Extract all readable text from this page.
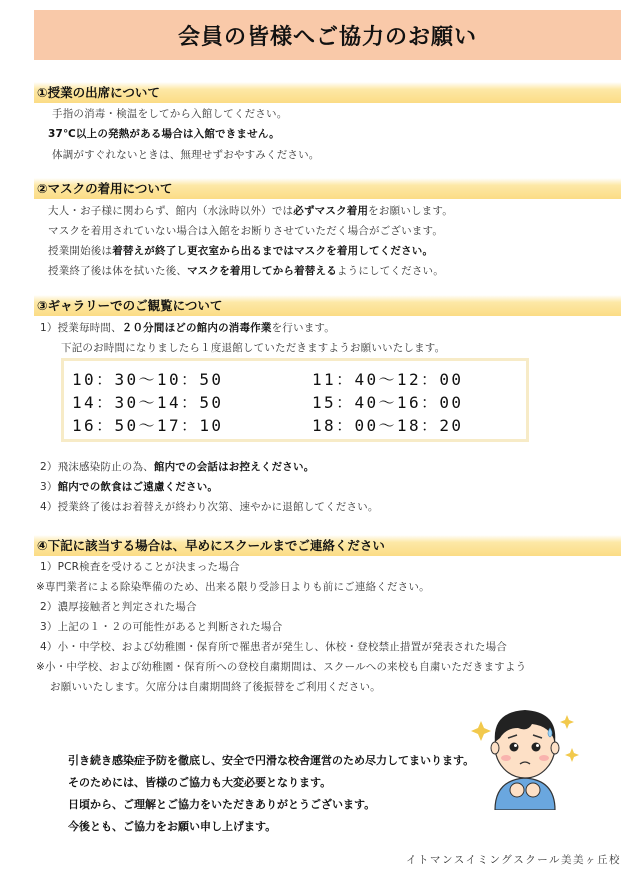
会員の皆様へご協力のお願い
①授業の出席について
手指の消毒・検温をしてから入館してください。
37℃以上の発熱がある場合は入館できません。
体調がすぐれないときは、無理せずおやすみください。
②マスクの着用について
大人・お子様に関わらず、館内（水泳時以外）では必ずマスク着用をお願いします。
マスクを着用されていない場合は入館をお断りさせていただく場合がございます。
授業開始後は着替えが終了し更衣室から出るまではマスクを着用してください。
授業終了後は体を拭いた後、マスクを着用してから着替えるようにしてください。
③ギャラリーでのご観覧について
1）授業毎時間、２０分間ほどの館内の消毒作業を行います。
下記のお時間になりましたら１度退館していただきますようお願いいたします。
10：30～10：50	11：40～12：00
14：30～14：50	15：40～16：00
16：50～17：10	18：00～18：20
2）飛沫感染防止の為、館内での会話はお控えください。
3）館内での飲食はご遠慮ください。
4）授業終了後はお着替えが終わり次第、速やかに退館してください。
④下記に該当する場合は、早めにスクールまでご連絡ください
1）PCR検査を受けることが決まった場合
※専門業者による除染準備のため、出来る限り受診日よりも前にご連絡ください。
2）濃厚接触者と判定された場合
3）上記の１・２の可能性があると判断された場合
4）小・中学校、および幼稚園・保育所で罹患者が発生し、休校・登校禁止措置が発表された場合
※小・中学校、および幼稚園・保育所への登校自粛期間は、スクールへの来校も自粛いただきますよう
お願いいたします。欠席分は自粛期間終了後振替をご利用ください。
引き続き感染症予防を徹底し、安全で円滑な校舎運営のため尽力してまいります。
そのためには、皆様のご協力も大変必要となります。
日頃から、ご理解とご協力をいただきありがとうございます。
今後とも、ご協力をお願い申し上げます。
イトマンスイミングスクール美美ヶ丘校
